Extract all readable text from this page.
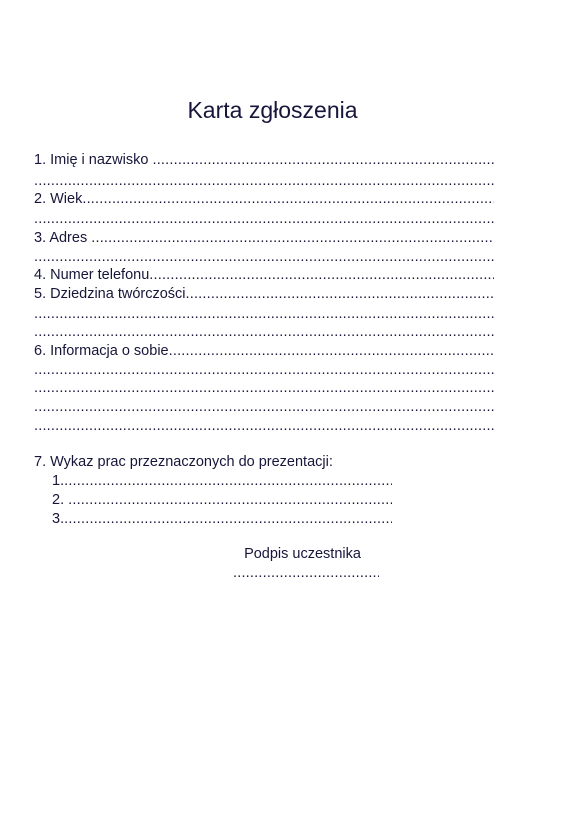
Karta zgłoszenia
1. Imię i nazwisko  .....
.....
2. Wiek .....
.....
3. Adres  .....
.....
4. Numer telefonu .....
5. Dziedzina twórczości .....
.....
.....
6. Informacja o sobie .....
.....
.....
.....
.....
7. Wykaz prac przeznaczonych do prezentacji:
1. .....
2.  .....
3. .....
Podpis uczestnika
.....
